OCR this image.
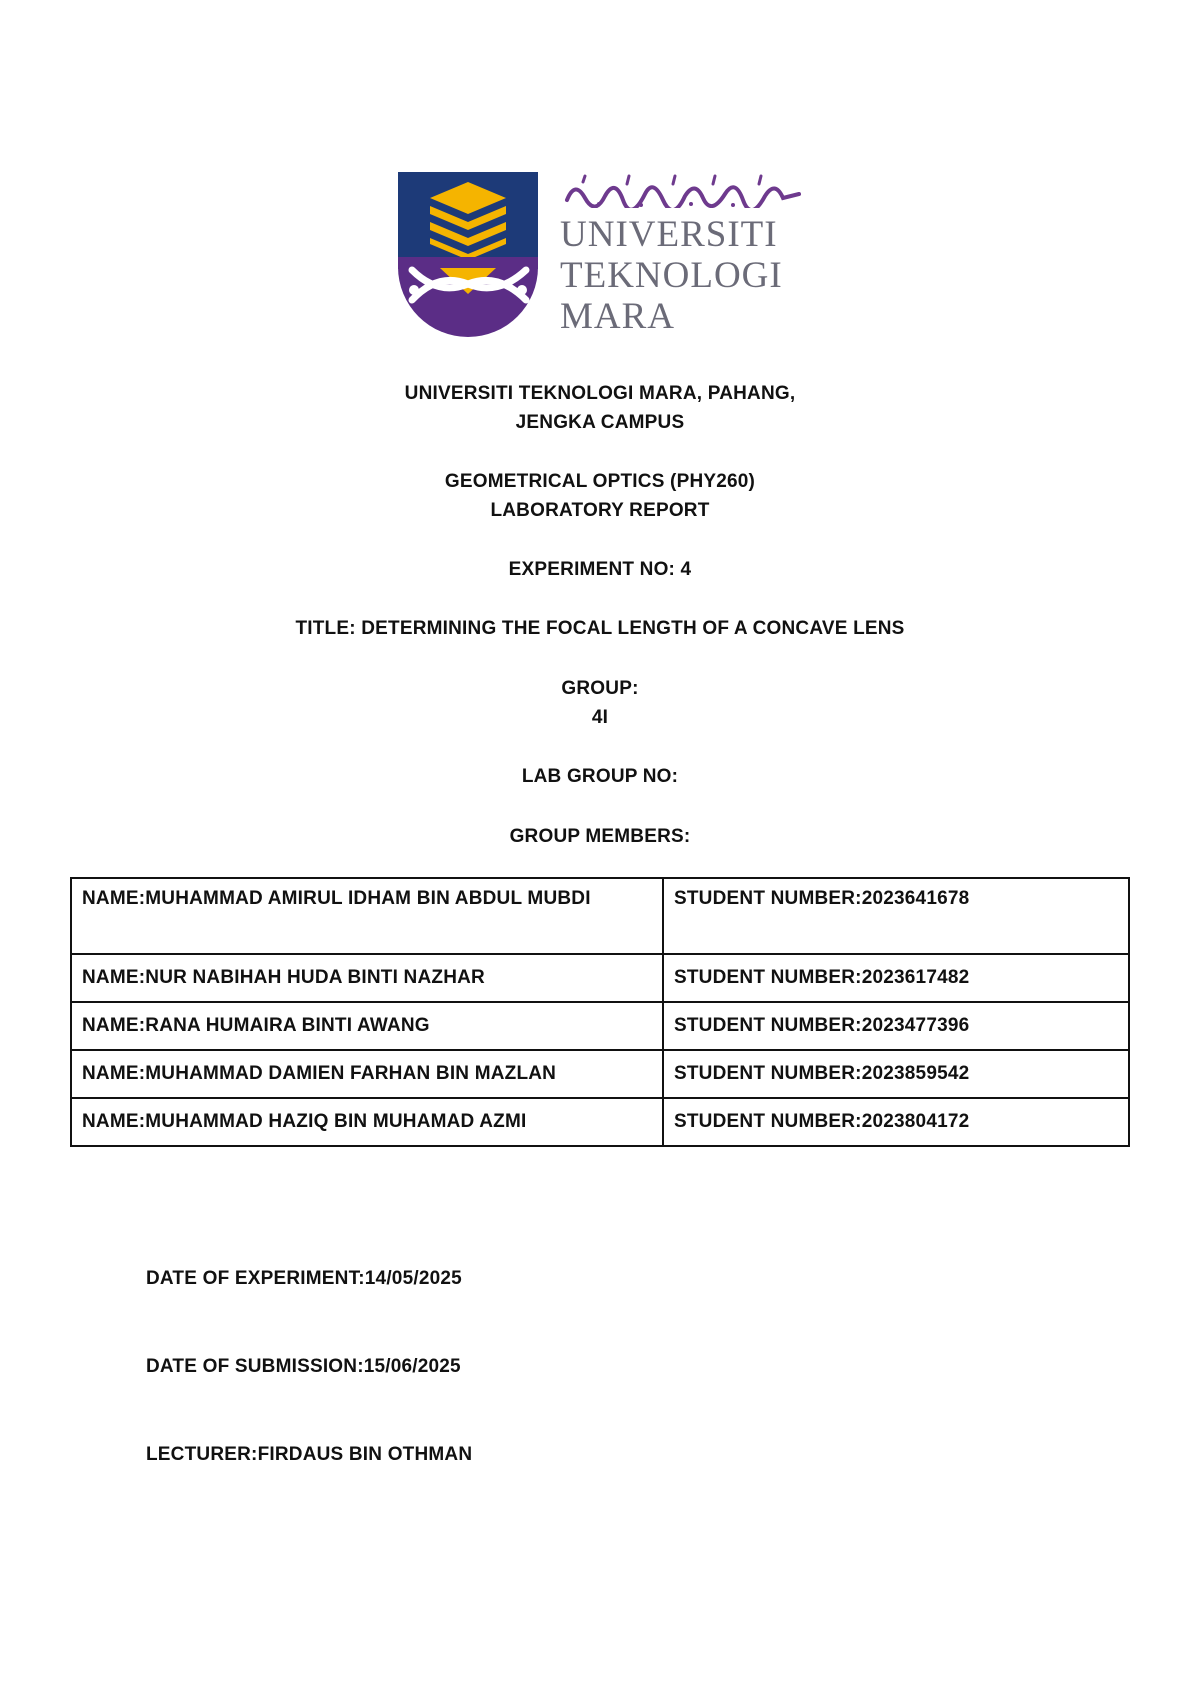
UNIVERSITI
TEKNOLOGI
MARA
UNIVERSITI TEKNOLOGI MARA, PAHANG,
JENGKA CAMPUS
GEOMETRICAL OPTICS (PHY260)
LABORATORY REPORT
EXPERIMENT NO: 4
TITLE: DETERMINING THE FOCAL LENGTH OF A CONCAVE LENS
GROUP:
4I
LAB GROUP NO:
GROUP MEMBERS:
NAME:MUHAMMAD AMIRUL IDHAM BIN ABDUL MUBDI	STUDENT NUMBER:2023641678
NAME:NUR NABIHAH HUDA BINTI NAZHAR	STUDENT NUMBER:2023617482
NAME:RANA HUMAIRA BINTI AWANG	STUDENT NUMBER:2023477396
NAME:MUHAMMAD DAMIEN FARHAN BIN MAZLAN	STUDENT NUMBER:2023859542
NAME:MUHAMMAD HAZIQ BIN MUHAMAD AZMI	STUDENT NUMBER:2023804172
DATE OF EXPERIMENT:14/05/2025
DATE OF SUBMISSION:15/06/2025
LECTURER:FIRDAUS BIN OTHMAN
